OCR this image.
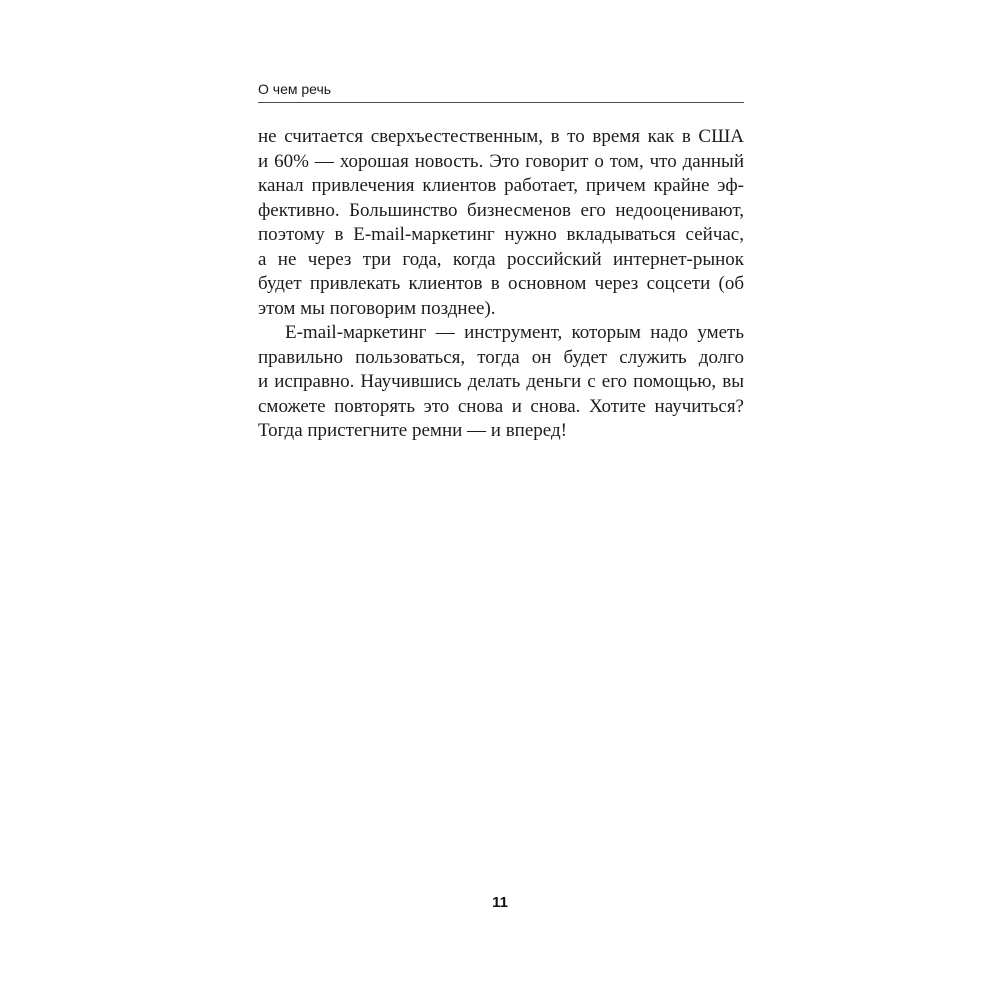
О чем речь
не считается сверхъестественным, в то время как в США
и 60% — хорошая новость. Это говорит о том, что данный
канал привлечения клиентов работает, причем крайне эф-
фективно. Большинство бизнесменов его недооценивают,
поэтому в E-mail-маркетинг нужно вкладываться сейчас,
а не через три года, когда российский интернет-рынок
будет привлекать клиентов в основном через соцсети (об
этом мы поговорим позднее).
E-mail-маркетинг — инструмент, которым надо уметь
правильно пользоваться, тогда он будет служить долго
и исправно. Научившись делать деньги с его помощью, вы
сможете повторять это снова и снова. Хотите научиться?
Тогда пристегните ремни — и вперед!
11
